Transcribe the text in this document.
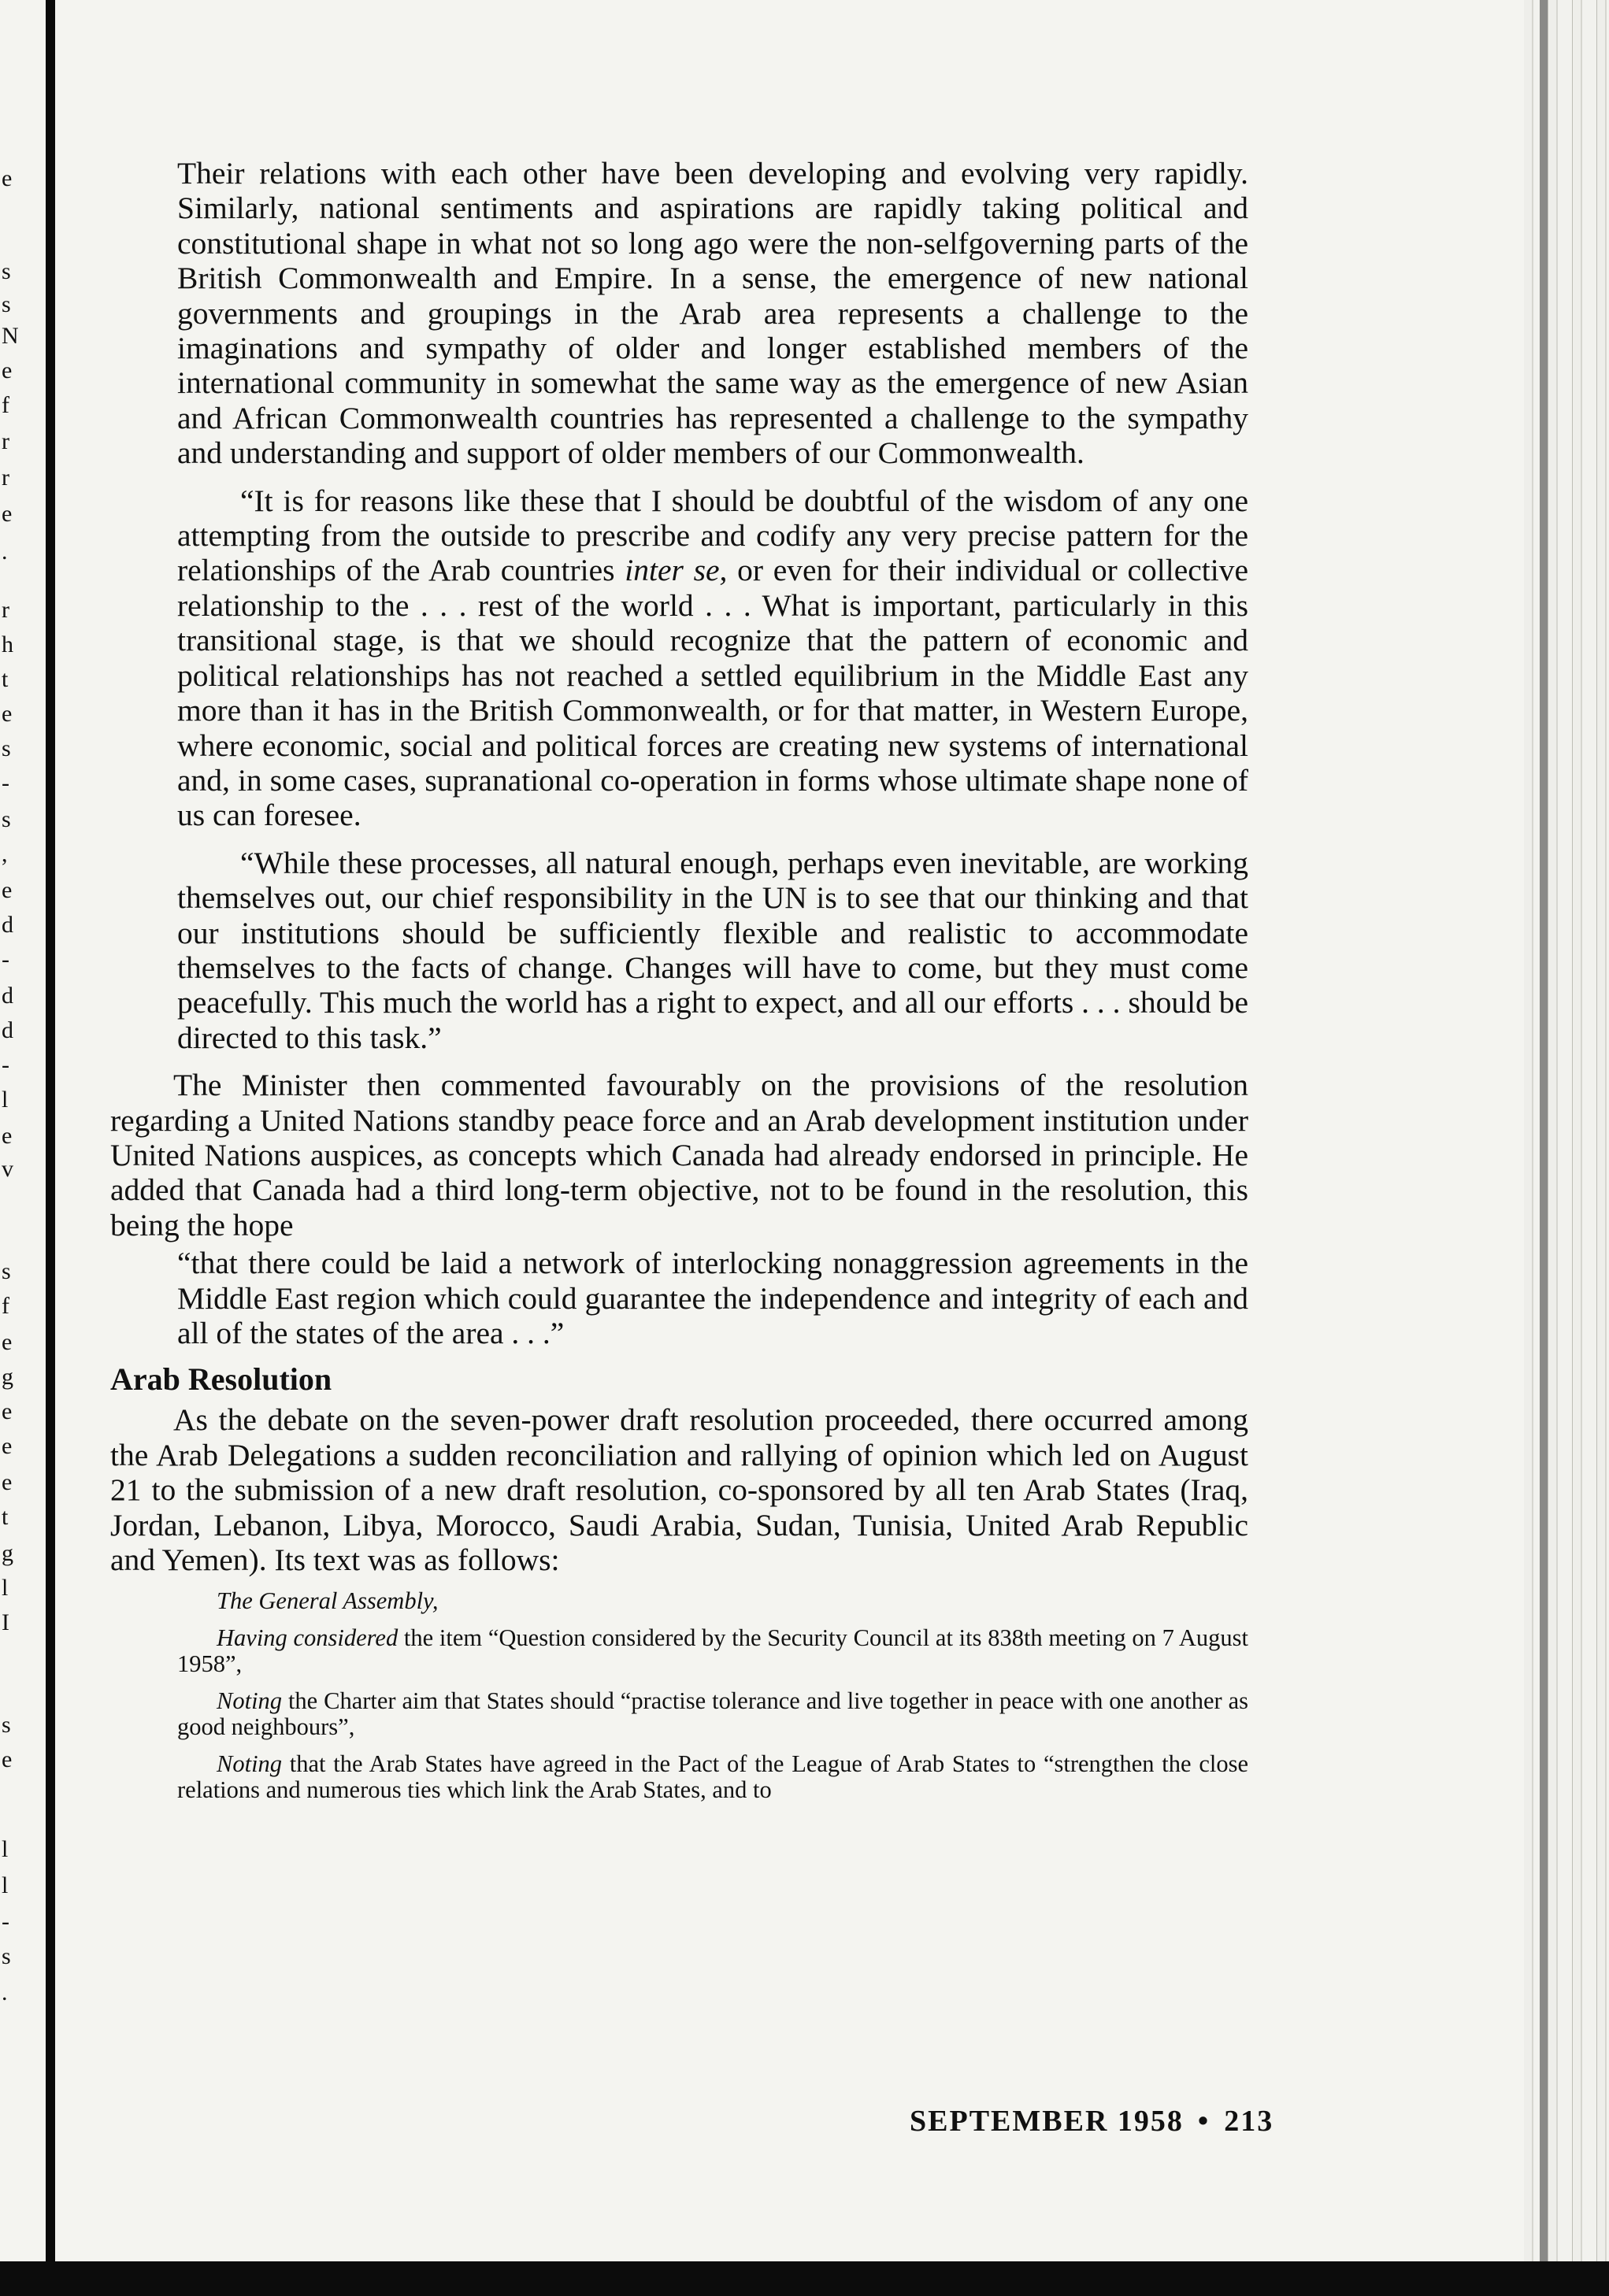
e
s
s
N
e
f
r
r
e
.
r
h
t
e
s
-
s
,
e
d
-
d
d
-
l
e
v
s
f
e
g
e
e
e
t
g
l
I
s
e
l
l
-
s
.

Their relations with each other have been developing and evolving very rapidly. Similarly, national sentiments and aspirations are rapidly taking political and constitutional shape in what not so long ago were the non-selfgoverning parts of the British Commonwealth and Empire. In a sense, the emergence of new national governments and groupings in the Arab area represents a challenge to the imaginations and sympathy of older and longer established members of the international community in somewhat the same way as the emergence of new Asian and African Commonwealth countries has represented a challenge to the sympathy and understanding and support of older members of our Commonwealth.

“It is for reasons like these that I should be doubtful of the wisdom of any one attempting from the outside to prescribe and codify any very precise pattern for the relationships of the Arab countries inter se, or even for their individual or collective relationship to the . . . rest of the world . . . What is important, particularly in this transitional stage, is that we should recognize that the pattern of economic and political relationships has not reached a settled equilibrium in the Middle East any more than it has in the British Commonwealth, or for that matter, in Western Europe, where economic, social and political forces are creating new systems of international and, in some cases, supranational co-operation in forms whose ultimate shape none of us can foresee.

“While these processes, all natural enough, perhaps even inevitable, are working themselves out, our chief responsibility in the UN is to see that our thinking and that our institutions should be sufficiently flexible and realistic to accommodate themselves to the facts of change. Changes will have to come, but they must come peacefully. This much the world has a right to expect, and all our efforts . . . should be directed to this task.”

The Minister then commented favourably on the provisions of the resolution regarding a United Nations standby peace force and an Arab development institution under United Nations auspices, as concepts which Canada had already endorsed in principle. He added that Canada had a third long-term objective, not to be found in the resolution, this being the hope

“that there could be laid a network of interlocking nonaggression agreements in the Middle East region which could guarantee the independence and integrity of each and all of the states of the area . . .”

Arab Resolution

As the debate on the seven-power draft resolution proceeded, there occurred among the Arab Delegations a sudden reconciliation and rallying of opinion which led on August 21 to the submission of a new draft resolution, co-sponsored by all ten Arab States (Iraq, Jordan, Lebanon, Libya, Morocco, Saudi Arabia, Sudan, Tunisia, United Arab Republic and Yemen). Its text was as follows:

The General Assembly,

Having considered the item “Question considered by the Security Council at its 838th meeting on 7 August 1958”,

Noting the Charter aim that States should “practise tolerance and live together in peace with one another as good neighbours”,

Noting that the Arab States have agreed in the Pact of the League of Arab States to “strengthen the close relations and numerous ties which link the Arab States, and to

SEPTEMBER 1958 • 213
